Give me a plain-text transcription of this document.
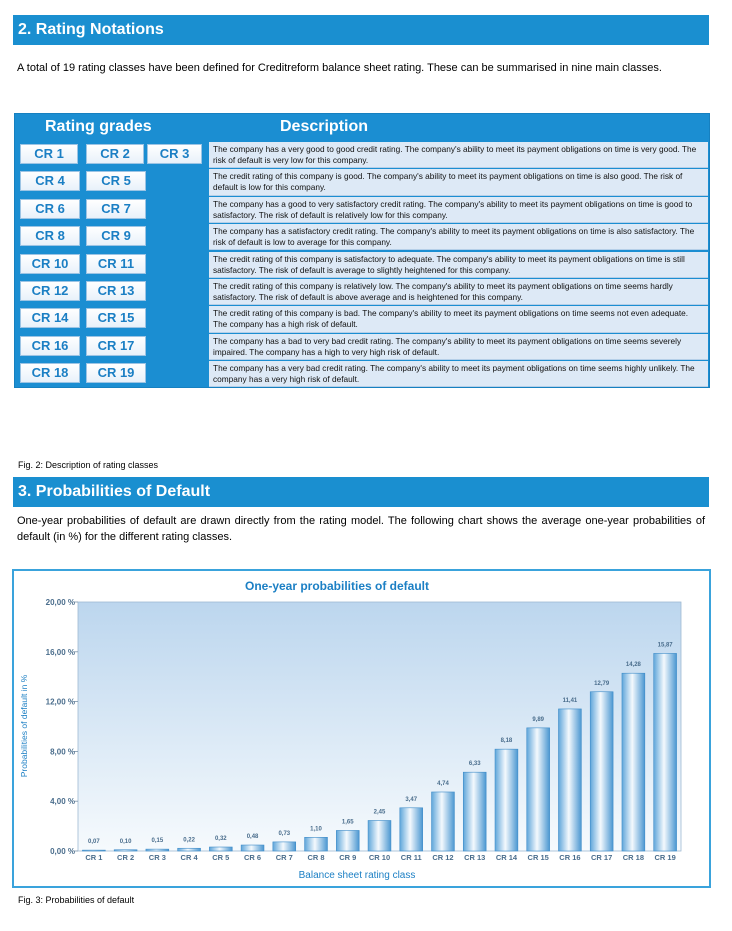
2. Rating Notations
A total of 19 rating classes have been defined for Creditreform balance sheet rating. These can be summarised in nine main classes.
Rating grades	Description
CR 1	CR 2	CR 3	The company has a very good to good credit rating. The company's ability to meet its payment obligations on time is very good. The risk of default is very low for this company.
CR 4	CR 5	The credit rating of this company is good. The company's ability to meet its payment obligations on time is also good. The risk of default is low for this company.
CR 6	CR 7	The company has a good to very satisfactory credit rating. The company's ability to meet its payment obligations on time is good to satisfactory. The risk of default is relatively low for this company.
CR 8	CR 9	The company has a satisfactory credit rating. The company's ability to meet its payment obligations on time is also satisfactory. The risk of default is low to average for this company.
CR 10	CR 11	The credit rating of this company is satisfactory to adequate. The company's ability to meet its payment obligations on time is still satisfactory. The risk of default is average to slightly heightened for this company.
CR 12	CR 13	The credit rating of this company is relatively low. The company's ability to meet its payment obligations on time seems hardly satisfactory. The risk of default is above average and is heightened for this company.
CR 14	CR 15	The credit rating of this company is bad. The company's ability to meet its payment obligations on time seems not even adequate. The company has a high risk of default.
CR 16	CR 17	The company has a bad to very bad credit rating. The company's ability to meet its payment obligations on time seems severely impaired. The company has a high to very high risk of default.
CR 18	CR 19	The company has a very bad credit rating. The company's ability to meet its payment obligations on time seems highly unlikely. The company has a very high risk of default.
Fig. 2: Description of rating classes
3. Probabilities of Default
One-year probabilities of default are drawn directly from the rating model. The following chart shows the average one-year probabilities of default (in %) for the different rating classes.
One-year probabilities of default
Balance sheet rating class
Probabilities of default in %
0,00 %
4,00 %
8,00 %
12,00 %
16,00 %
20,00 %
0,07	0,10	0,15	0,22	0,32	0,48
0,73
1,10
1,65
2,45
3,47
4,74
6,33
8,18
9,89
11,41
12,79
14,28
15,87
CR 1 CR 2 CR 3 CR 4 CR 5 CR 6 CR 7 CR 8 CR 9 CR 10 CR 11 CR 12 CR 13 CR 14 CR 15 CR 16 CR 17 CR 18 CR 19
Fig. 3: Probabilities of default
